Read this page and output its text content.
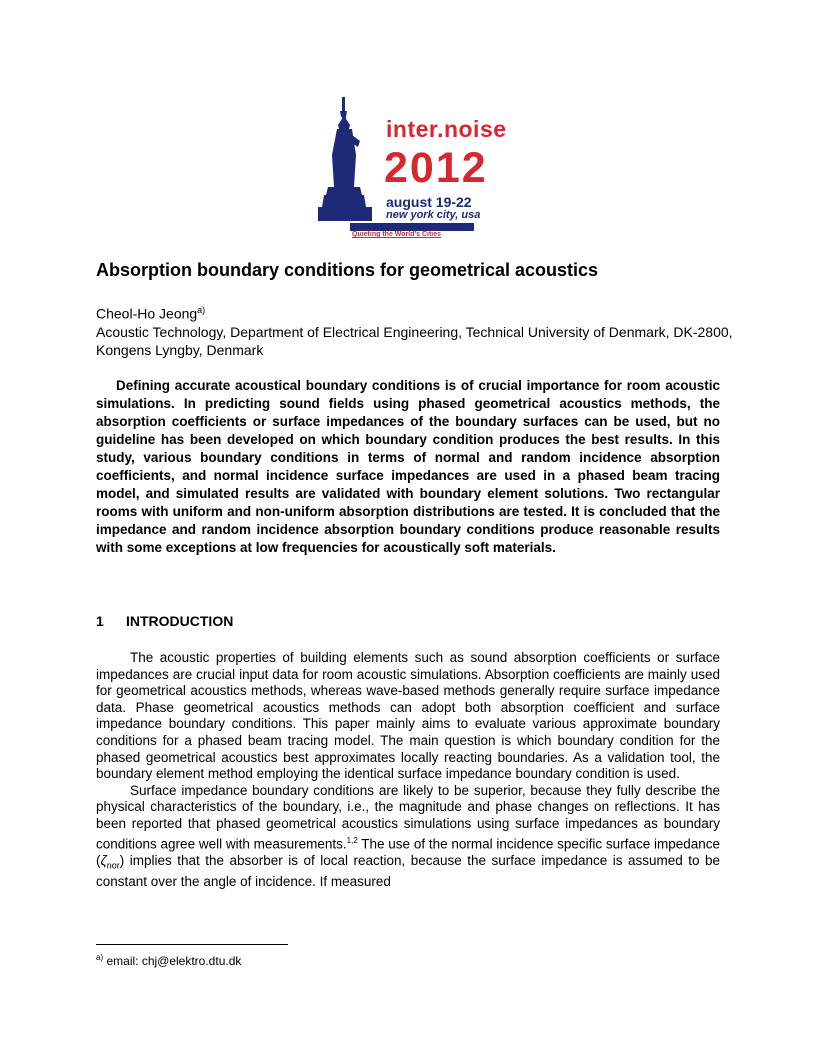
inter.noise
2012
august 19-22
new york city, usa
Quieting the World's Cities
Absorption boundary conditions for geometrical acoustics
Cheol-Ho Jeong$^{a)}$
Acoustic Technology, Department of Electrical Engineering, Technical University of Denmark, DK-2800, Kongens Lyngby, Denmark

Defining accurate acoustical boundary conditions is of crucial importance for room acoustic simulations. In predicting sound fields using phased geometrical acoustics methods, the absorption coefficients or surface impedances of the boundary surfaces can be used, but no guideline has been developed on which boundary condition produces the best results. In this study, various boundary conditions in terms of normal and random incidence absorption coefficients, and normal incidence surface impedances are used in a phased beam tracing model, and simulated results are validated with boundary element solutions. Two rectangular rooms with uniform and non-uniform absorption distributions are tested. It is concluded that the impedance and random incidence absorption boundary conditions produce reasonable results with some exceptions at low frequencies for acoustically soft materials.

1 INTRODUCTION

The acoustic properties of building elements such as sound absorption coefficients or surface impedances are crucial input data for room acoustic simulations. Absorption coefficients are mainly used for geometrical acoustics methods, whereas wave-based methods generally require surface impedance data. Phase geometrical acoustics methods can adopt both absorption coefficient and surface impedance boundary conditions. This paper mainly aims to evaluate various approximate boundary conditions for a phased beam tracing model. The main question is which boundary condition for the phased geometrical acoustics best approximates locally reacting boundaries. As a validation tool, the boundary element method employing the identical surface impedance boundary condition is used.

Surface impedance boundary conditions are likely to be superior, because they fully describe the physical characteristics of the boundary, i.e., the magnitude and phase changes on reflections. It has been reported that phased geometrical acoustics simulations using surface impedances as boundary conditions agree well with measurements.$^{1,2}$ The use of the normal incidence specific surface impedance $(\zeta_{nor})$ implies that the absorber is of local reaction, because the surface impedance is assumed to be constant over the angle of incidence. If measured

$^{a)}$ email: chj@elektro.dtu.dk
